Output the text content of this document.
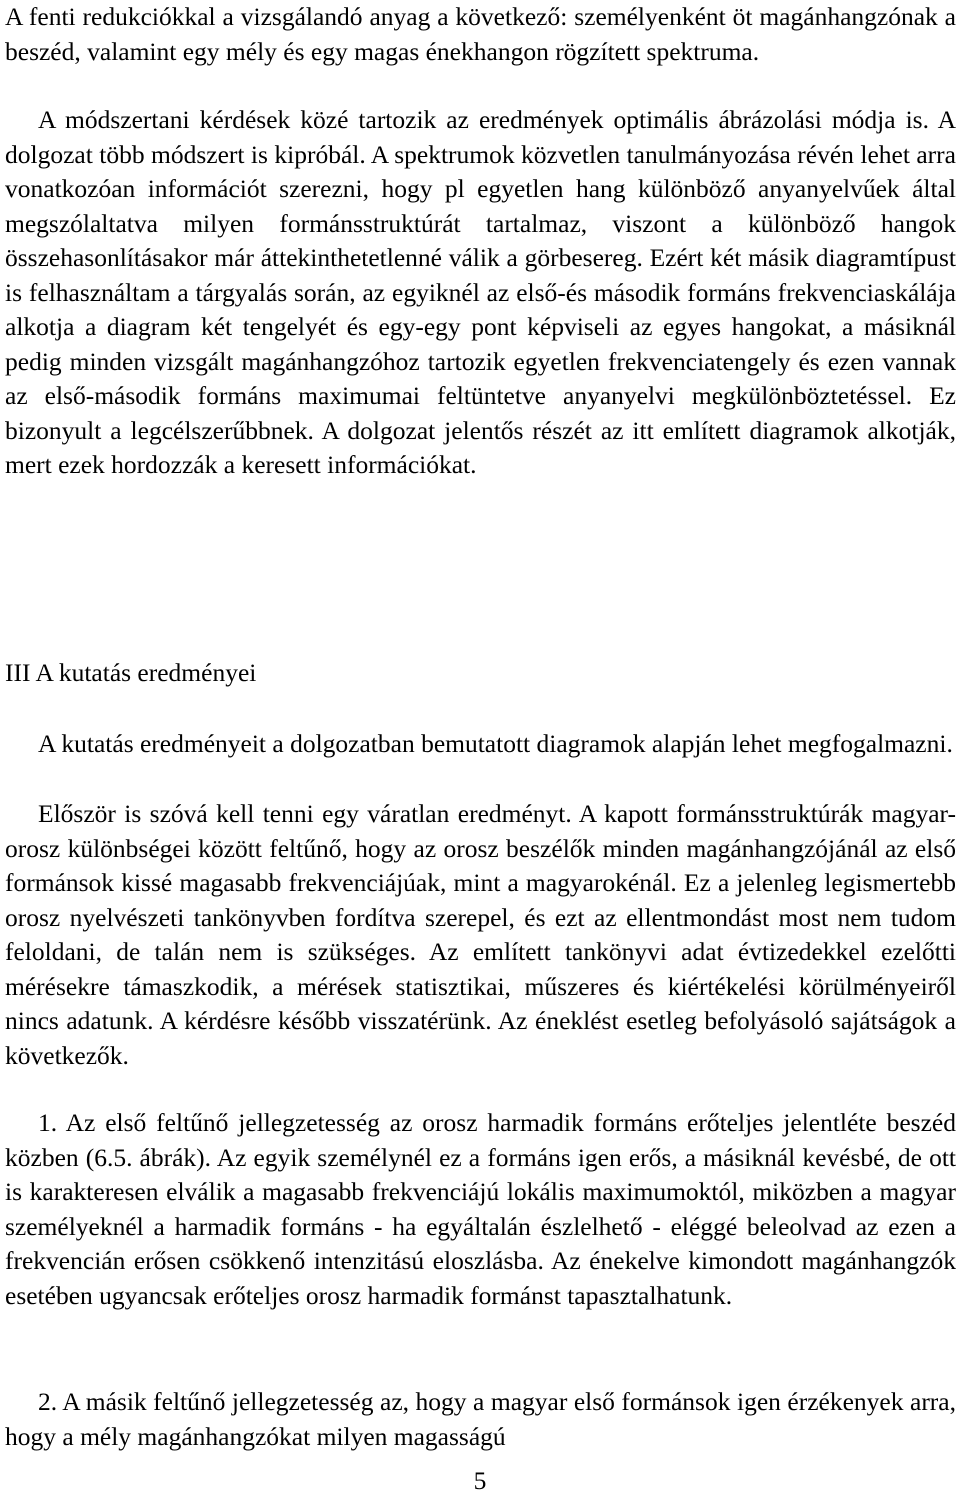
A fenti redukciókkal a vizsgálandó anyag a következő: személyenként öt magánhangzónak a beszéd, valamint egy mély és egy magas énekhangon rögzített spektruma.

A módszertani kérdések közé tartozik az eredmények optimális ábrázolási módja is. A dolgozat több módszert is kipróbál. A spektrumok közvetlen tanulmányozása révén lehet arra vonatkozóan információt szerezni, hogy pl egyetlen hang különböző anyanyelvűek által megszólaltatva milyen formánsstruktúrát tartalmaz, viszont a különböző hangok összehasonlításakor már áttekinthetetlenné válik a görbesereg. Ezért két másik diagramtípust is felhasználtam a tárgyalás során, az egyiknél az első-és második formáns frekvenciaskálája alkotja a diagram két tengelyét és egy-egy pont képviseli az egyes hangokat, a másiknál pedig minden vizsgált magánhangzóhoz tartozik egyetlen frekvenciatengely és ezen vannak az első-második formáns maximumai feltüntetve anyanyelvi megkülönböztetéssel. Ez bizonyult a legcélszerűbbnek. A dolgozat jelentős részét az itt említett diagramok alkotják, mert ezek hordozzák a keresett információkat.

III A kutatás eredményei

A kutatás eredményeit a dolgozatban bemutatott diagramok alapján lehet megfogalmazni.

Először is szóvá kell tenni egy váratlan eredményt. A kapott formánsstruktúrák magyar-orosz különbségei között feltűnő, hogy az orosz beszélők minden magánhangzójánál az első formánsok kissé magasabb frekvenciájúak, mint a magyarokénál. Ez a jelenleg legismertebb orosz nyelvészeti tankönyvben fordítva szerepel, és ezt az ellentmondást most nem tudom feloldani, de talán nem is szükséges. Az említett tankönyvi adat évtizedekkel ezelőtti mérésekre támaszkodik, a mérések statisztikai, műszeres és kiértékelési körülményeiről nincs adatunk. A kérdésre később visszatérünk. Az éneklést esetleg befolyásoló sajátságok a következők.

1. Az első feltűnő jellegzetesség az orosz harmadik formáns erőteljes jelentléte beszéd közben (6.5. ábrák). Az egyik személynél ez a formáns igen erős, a másiknál kevésbé, de ott is karakteresen elválik a magasabb frekvenciájú lokális maximumoktól, miközben a magyar személyeknél a harmadik formáns - ha egyáltalán észlelhető - eléggé beleolvad az ezen a frekvencián erősen csökkenő intenzitású eloszlásba. Az énekelve kimondott magánhangzók esetében ugyancsak erőteljes orosz harmadik formánst tapasztalhatunk.

2. A másik feltűnő jellegzetesség az, hogy a magyar első formánsok igen érzékenyek arra, hogy a mély magánhangzókat milyen magasságú

5
